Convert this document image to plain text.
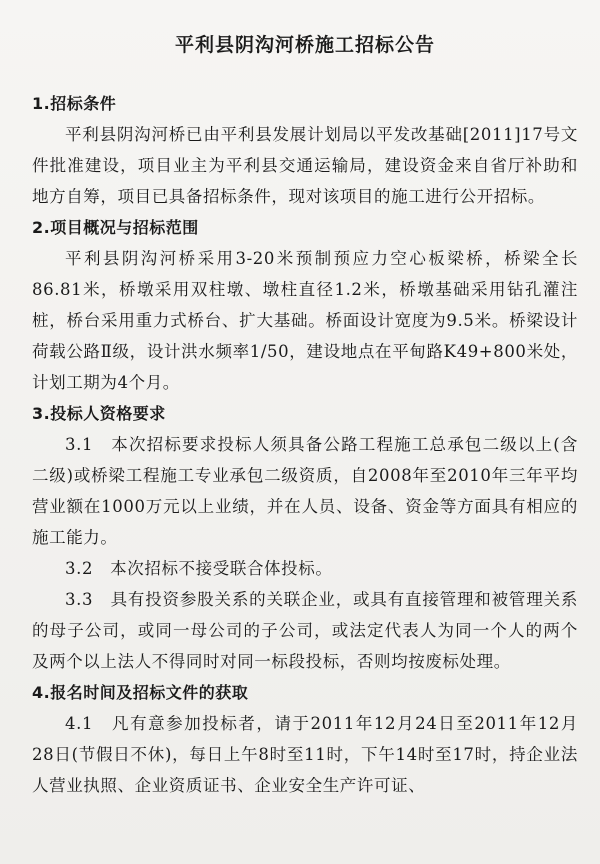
平利县阴沟河桥施工招标公告
1.招标条件

平利县阴沟河桥已由平利县发展计划局以平发改基础[2011]17号文件批准建设，项目业主为平利县交通运输局，建设资金来自省厅补助和地方自筹，项目已具备招标条件，现对该项目的施工进行公开招标。

2.项目概况与招标范围

平利县阴沟河桥采用3-20米预制预应力空心板梁桥，桥梁全长86.81米，桥墩采用双柱墩、墩柱直径1.2米，桥墩基础采用钻孔灌注桩，桥台采用重力式桥台、扩大基础。桥面设计宽度为9.5米。桥梁设计荷载公路Ⅱ级，设计洪水频率1/50，建设地点在平甸路K49+800米处，计划工期为4个月。

3.投标人资格要求

3.1　本次招标要求投标人须具备公路工程施工总承包二级以上(含二级)或桥梁工程施工专业承包二级资质，自2008年至2010年三年平均营业额在1000万元以上业绩，并在人员、设备、资金等方面具有相应的施工能力。

3.2　本次招标不接受联合体投标。

3.3　具有投资参股关系的关联企业，或具有直接管理和被管理关系的母子公司，或同一母公司的子公司，或法定代表人为同一个人的两个及两个以上法人不得同时对同一标段投标，否则均按废标处理。

4.报名时间及招标文件的获取

4.1　凡有意参加投标者，请于2011年12月24日至2011年12月28日(节假日不休)，每日上午8时至11时，下午14时至17时，持企业法人营业执照、企业资质证书、企业安全生产许可证、
